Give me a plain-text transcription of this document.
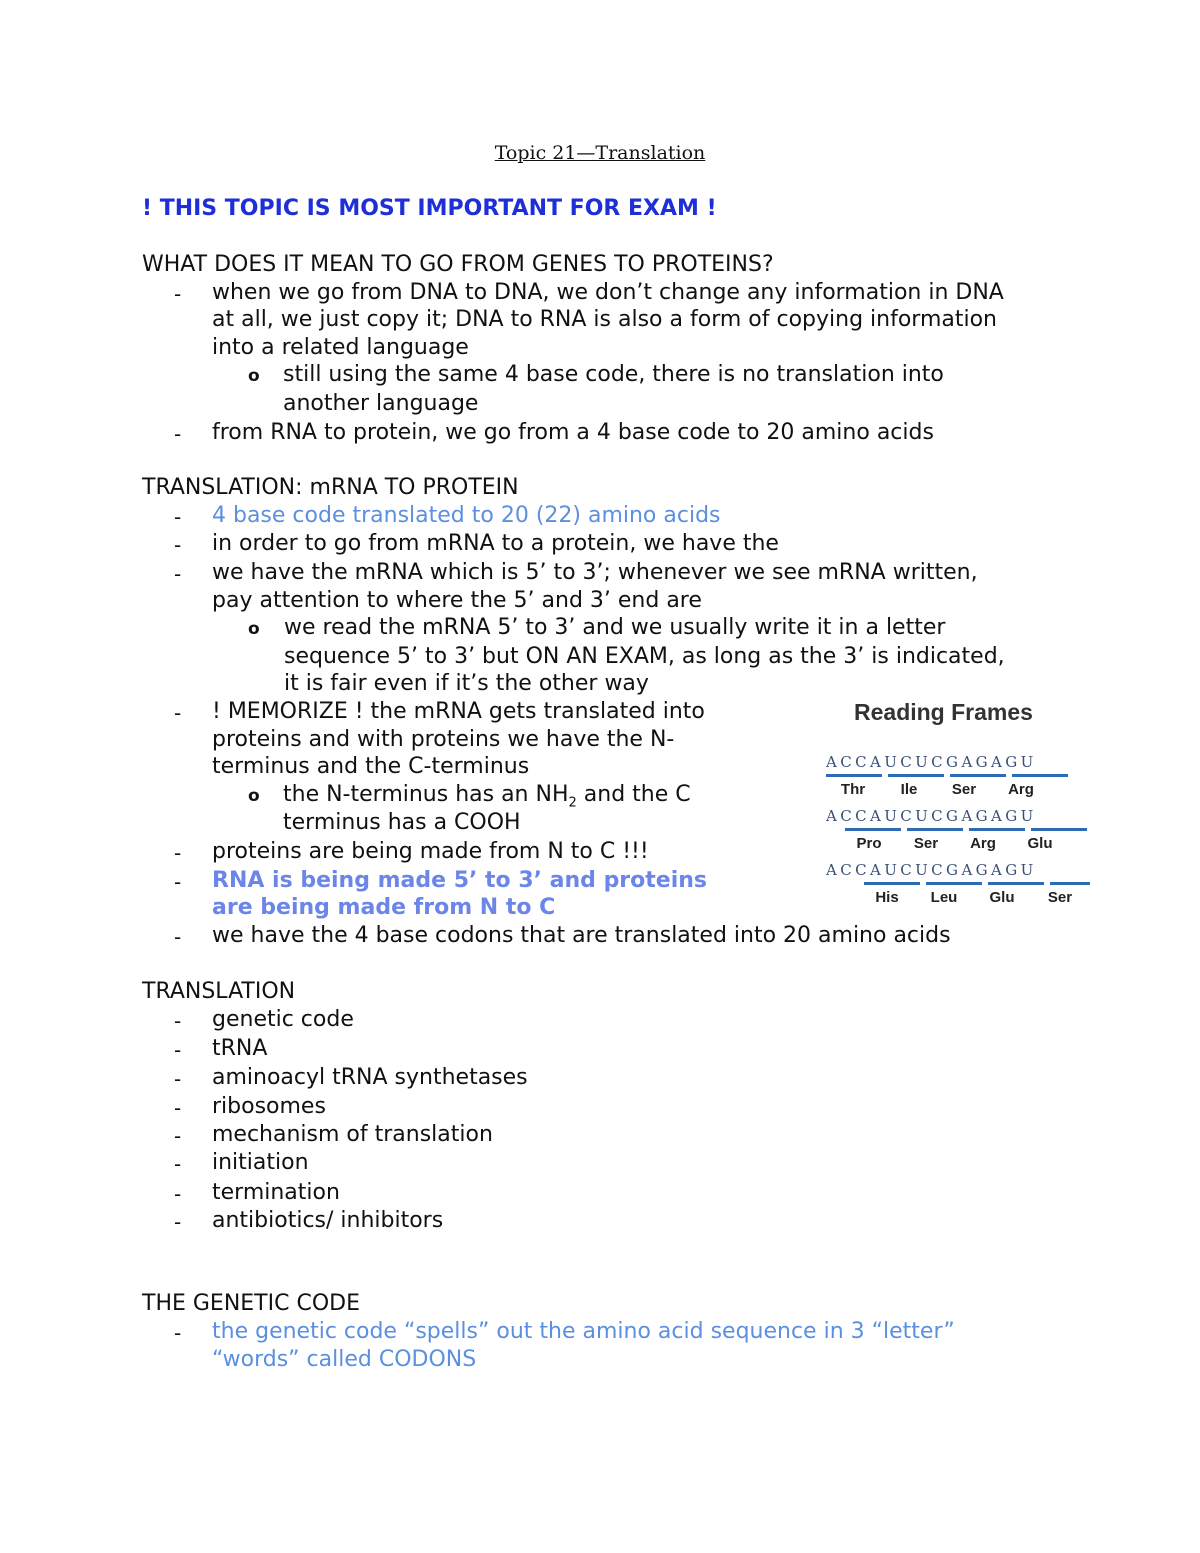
Topic 21—Translation
! THIS TOPIC IS MOST IMPORTANT FOR EXAM !
WHAT DOES IT MEAN TO GO FROM GENES TO PROTEINS?
- when we go from DNA to DNA, we don’t change any information in DNA
at all, we just copy it; DNA to RNA is also a form of copying information
into a related language
o still using the same 4 base code, there is no translation into
another language
- from RNA to protein, we go from a 4 base code to 20 amino acids
TRANSLATION: mRNA TO PROTEIN
- 4 base code translated to 20 (22) amino acids
- in order to go from mRNA to a protein, we have the
- we have the mRNA which is 5’ to 3’; whenever we see mRNA written,
pay attention to where the 5’ and 3’ end are
o we read the mRNA 5’ to 3’ and we usually write it in a letter
sequence 5’ to 3’ but ON AN EXAM, as long as the 3’ is indicated,
it is fair even if it’s the other way
- ! MEMORIZE ! the mRNA gets translated into
proteins and with proteins we have the N-
terminus and the C-terminus
o the N-terminus has an $NH_2$ and the C
terminus has a COOH
- proteins are being made from N to C !!!
- RNA is being made 5’ to 3’ and proteins
are being made from N to C
- we have the 4 base codons that are translated into 20 amino acids
Reading Frames
ACCAUCUCGAGAGU
Thr	Ile	Ser	Arg
ACCAUCUCGAGAGU
Pro	Ser	Arg	Glu
ACCAUCUCGAGAGU
His	Leu	Glu	Ser
TRANSLATION
- genetic code
- tRNA
- aminoacyl tRNA synthetases
- ribosomes
- mechanism of translation
- initiation
- termination
- antibiotics/ inhibitors
THE GENETIC CODE
- the genetic code “spells” out the amino acid sequence in 3 “letter”
“words” called CODONS
